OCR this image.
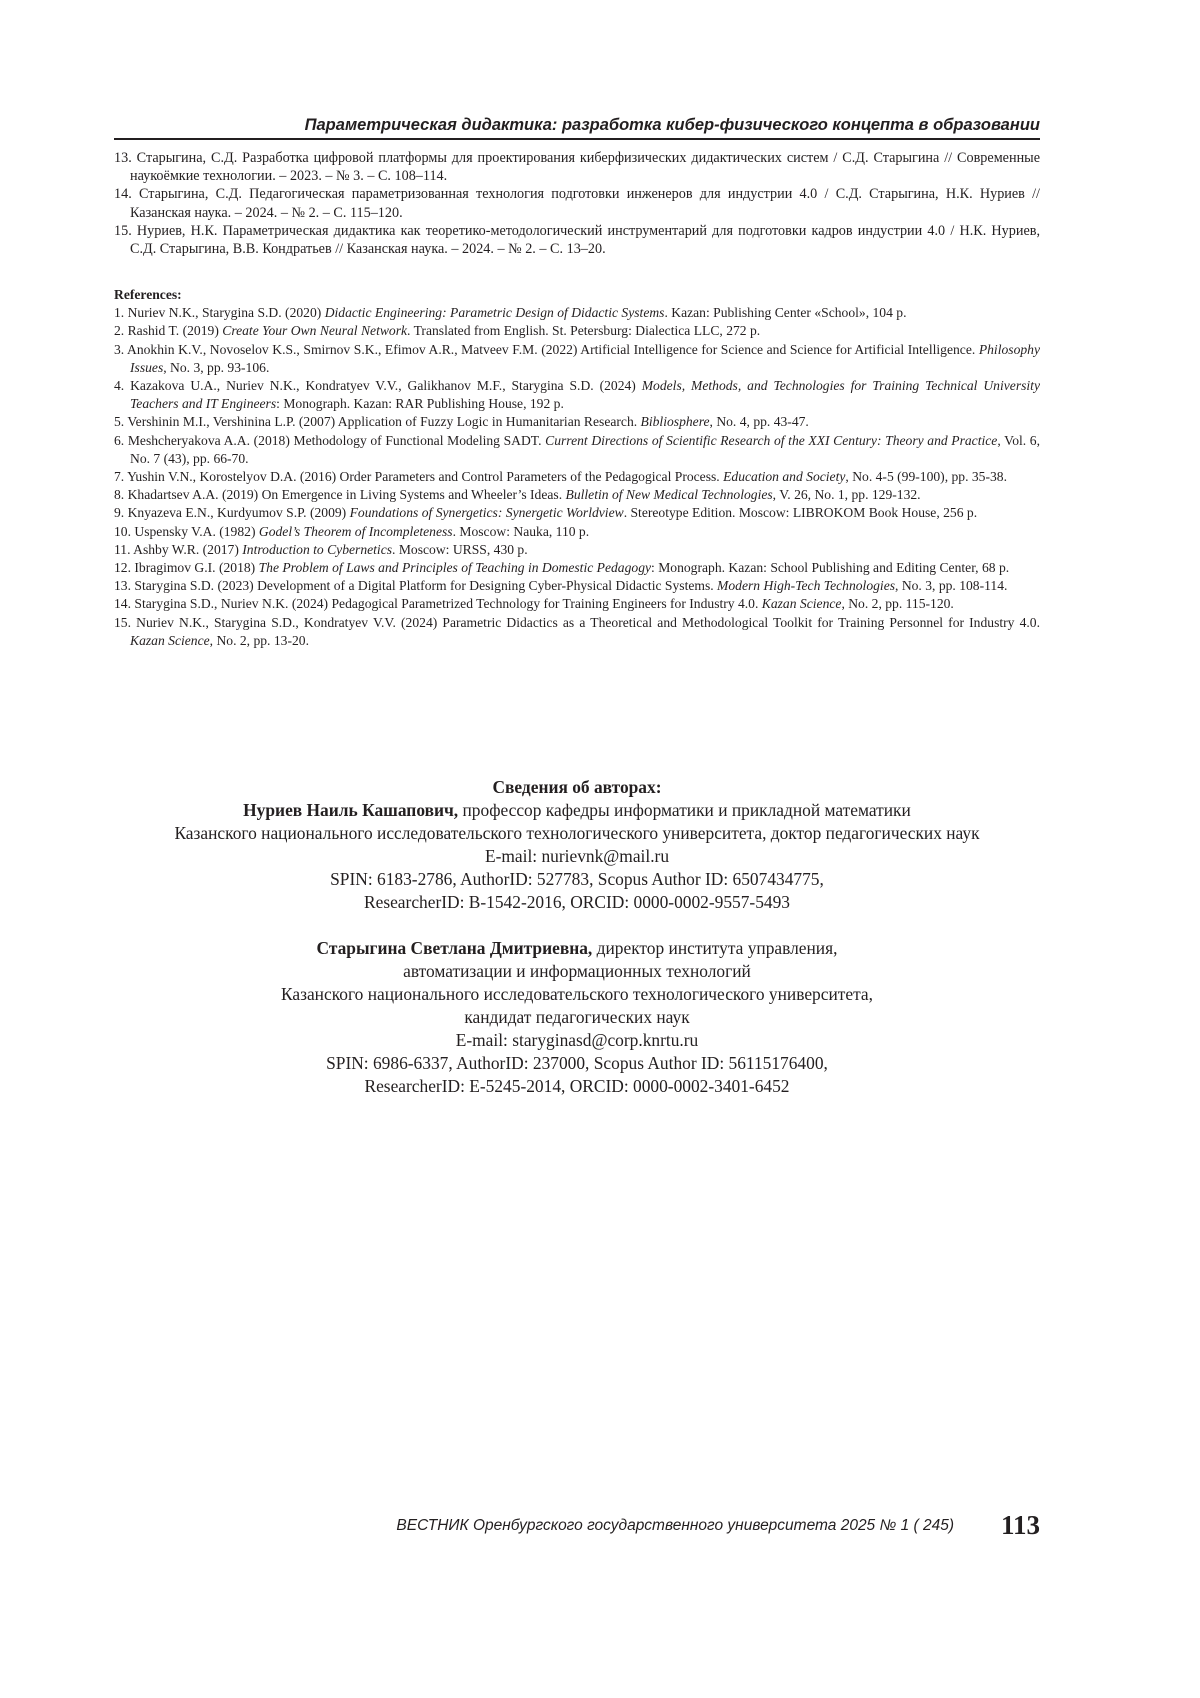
Параметрическая дидактика: разработка кибер-физического концепта в образовании

13. Старыгина, С.Д. Разработка цифровой платформы для проектирования киберфизических дидактических систем / С.Д. Старыгина // Современные наукоёмкие технологии. – 2023. – № 3. – С. 108–114.

14. Старыгина, С.Д. Педагогическая параметризованная технология подготовки инженеров для индустрии 4.0 / С.Д. Старыгина, Н.К. Нуриев // Казанская наука. – 2024. – № 2. – С. 115–120.

15. Нуриев, Н.К. Параметрическая дидактика как теоретико-методологический инструментарий для подготовки кадров индустрии 4.0 / Н.К. Нуриев, С.Д. Старыгина, В.В. Кондратьев // Казанская наука. – 2024. – № 2. – С. 13–20.

References:

1. Nuriev N.K., Starygina S.D. (2020) Didactic Engineering: Parametric Design of Didactic Systems. Kazan: Publishing Center «School», 104 p.

2. Rashid T. (2019) Create Your Own Neural Network. Translated from English. St. Petersburg: Dialectica LLC, 272 p.

3. Anokhin K.V., Novoselov K.S., Smirnov S.K., Efimov A.R., Matveev F.M. (2022) Artificial Intelligence for Science and Science for Artificial Intelligence. Philosophy Issues, No. 3, pp. 93-106.

4. Kazakova U.A., Nuriev N.K., Kondratyev V.V., Galikhanov M.F., Starygina S.D. (2024) Models, Methods, and Technologies for Training Technical University Teachers and IT Engineers: Monograph. Kazan: RAR Publishing House, 192 p.

5. Vershinin M.I., Vershinina L.P. (2007) Application of Fuzzy Logic in Humanitarian Research. Bibliosphere, No. 4, pp. 43-47.

6. Meshcheryakova A.A. (2018) Methodology of Functional Modeling SADT. Current Directions of Scientific Research of the XXI Century: Theory and Practice, Vol. 6, No. 7 (43), pp. 66-70.

7. Yushin V.N., Korostelyov D.A. (2016) Order Parameters and Control Parameters of the Pedagogical Process. Education and Society, No. 4-5 (99-100), pp. 35-38.

8. Khadartsev A.A. (2019) On Emergence in Living Systems and Wheeler’s Ideas. Bulletin of New Medical Technologies, V. 26, No. 1, pp. 129-132.

9. Knyazeva E.N., Kurdyumov S.P. (2009) Foundations of Synergetics: Synergetic Worldview. Stereotype Edition. Moscow: LIBROKOM Book House, 256 p.

10. Uspensky V.A. (1982) Godel’s Theorem of Incompleteness. Moscow: Nauka, 110 p.

11. Ashby W.R. (2017) Introduction to Cybernetics. Moscow: URSS, 430 p.

12. Ibragimov G.I. (2018) The Problem of Laws and Principles of Teaching in Domestic Pedagogy: Monograph. Kazan: School Publishing and Editing Center, 68 p.

13. Starygina S.D. (2023) Development of a Digital Platform for Designing Cyber-Physical Didactic Systems. Modern High-Tech Technologies, No. 3, pp. 108-114.

14. Starygina S.D., Nuriev N.K. (2024) Pedagogical Parametrized Technology for Training Engineers for Industry 4.0. Kazan Science, No. 2, pp. 115-120.

15. Nuriev N.K., Starygina S.D., Kondratyev V.V. (2024) Parametric Didactics as a Theoretical and Methodological Toolkit for Training Personnel for Industry 4.0. Kazan Science, No. 2, pp. 13-20.

Сведения об авторах:

Нуриев Наиль Кашапович, профессор кафедры информатики и прикладной математики

Казанского национального исследовательского технологического университета, доктор педагогических наук

E-mail: nurievnk@mail.ru

SPIN: 6183-2786, AuthorID: 527783, Scopus Author ID: 6507434775,

ResearcherID: B-1542-2016, ORCID: 0000-0002-9557-5493

Старыгина Светлана Дмитриевна, директор института управления,

автоматизации и информационных технологий

Казанского национального исследовательского технологического университета,

кандидат педагогических наук

E-mail: staryginasd@corp.knrtu.ru

SPIN: 6986-6337, AuthorID: 237000, Scopus Author ID: 56115176400,

ResearcherID: E-5245-2014, ORCID: 0000-0002-3401-6452

ВЕСТНИК Оренбургского государственного университета 2025 № 1 ( 245) 113
